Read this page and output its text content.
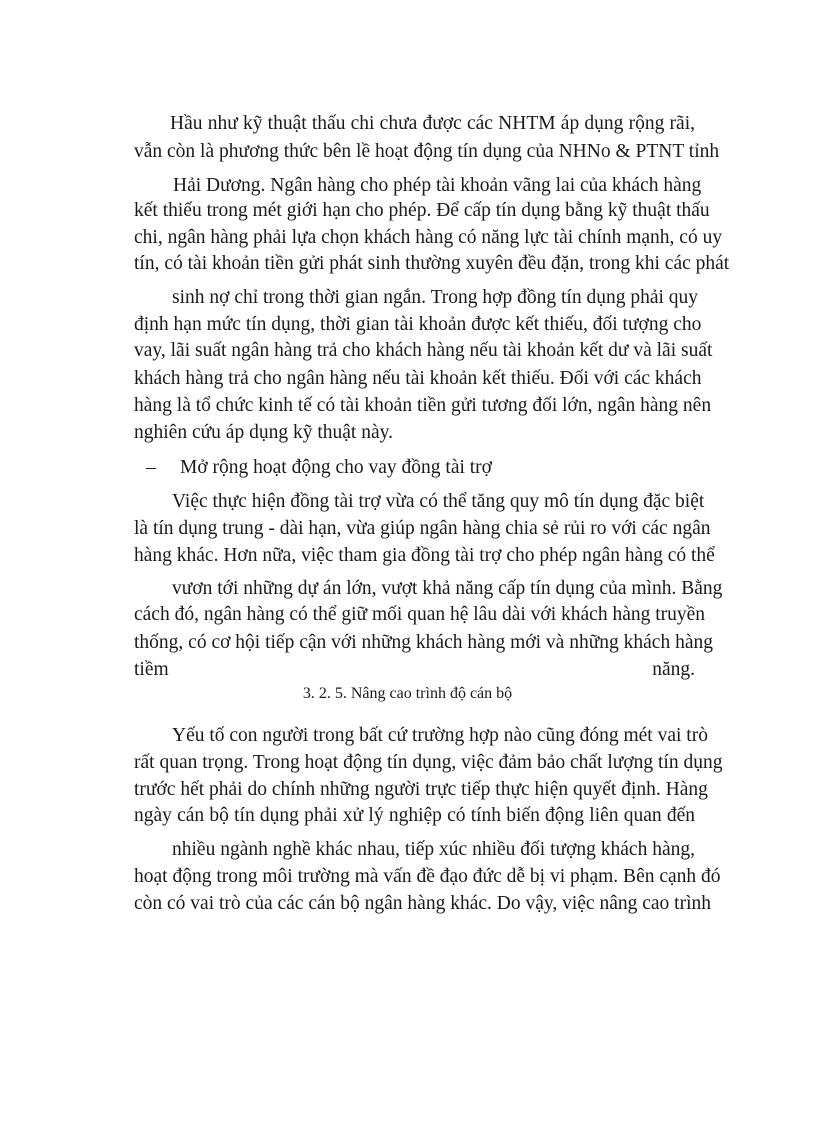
Hầu như kỹ thuật thấu chi chưa được các NHTM áp dụng rộng rãi,
vẫn còn là phương thức bên lề hoạt động tín dụng của NHNo & PTNT tỉnh
Hải Dương. Ngân hàng cho phép tài khoản vãng lai của khách hàng
kết thiếu trong mét giới hạn cho phép. Để cấp tín dụng bằng kỹ thuật thấu
chi, ngân hàng phải lựa chọn khách hàng có năng lực tài chính mạnh, có uy
tín, có tài khoản tiền gửi phát sinh thường xuyên đều đặn, trong khi các phát
sinh nợ chỉ trong thời gian ngắn. Trong hợp đồng tín dụng phải quy
định hạn mức tín dụng, thời gian tài khoản được kết thiếu, đối tượng cho
vay, lãi suất ngân hàng trả cho khách hàng nếu tài khoản kết dư và lãi suất
khách hàng trả cho ngân hàng nếu tài khoản kết thiếu. Đối với các khách
hàng là tổ chức kinh tế có tài khoản tiền gửi tương đối lớn, ngân hàng nên
nghiên cứu áp dụng kỹ thuật này.
– Mở rộng hoạt động cho vay đồng tài trợ
Việc thực hiện đồng tài trợ vừa có thể tăng quy mô tín dụng đặc biệt
là tín dụng trung - dài hạn, vừa giúp ngân hàng chia sẻ rủi ro với các ngân
hàng khác. Hơn nữa, việc tham gia đồng tài trợ cho phép ngân hàng có thể
vươn tới những dự án lớn, vượt khả năng cấp tín dụng của mình. Bằng
cách đó, ngân hàng có thể giữ mối quan hệ lâu dài với khách hàng truyền
thống, có cơ hội tiếp cận với những khách hàng mới và những khách hàng
tiềm năng.
3. 2. 5. Nâng cao trình độ cán bộ
Yếu tố con người trong bất cứ trường hợp nào cũng đóng mét vai trò
rất quan trọng. Trong hoạt động tín dụng, việc đảm bảo chất lượng tín dụng
trước hết phải do chính những người trực tiếp thực hiện quyết định. Hàng
ngày cán bộ tín dụng phải xử lý nghiệp có tính biến động liên quan đến
nhiều ngành nghề khác nhau, tiếp xúc nhiều đối tượng khách hàng,
hoạt động trong môi trường mà vấn đề đạo đức dễ bị vi phạm. Bên cạnh đó
còn có vai trò của các cán bộ ngân hàng khác. Do vậy, việc nâng cao trình
